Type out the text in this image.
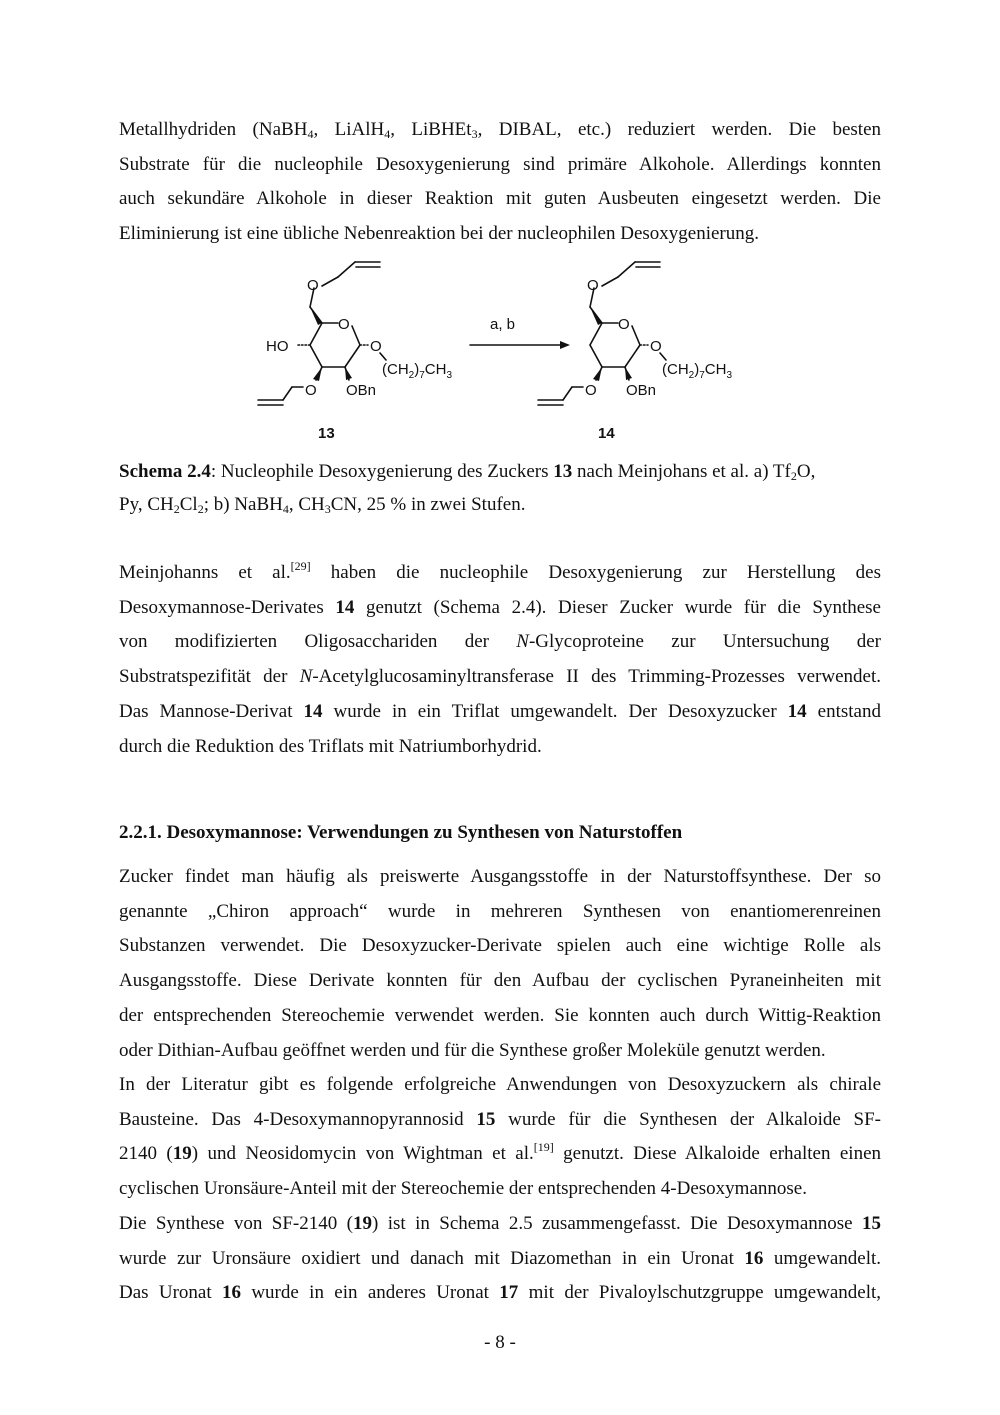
Metallhydriden (NaBH$_4$, LiAlH$_4$, LiBHEt$_3$, DIBAL, etc.) reduziert werden. Die besten
Substrate für die nucleophile Desoxygenierung sind primäre Alkohole. Allerdings konnten
auch sekundäre Alkohole in dieser Reaktion mit guten Ausbeuten eingesetzt werden. Die
Eliminierung ist eine übliche Nebenreaktion bei der nucleophilen Desoxygenierung.
O
O
HO	O
$(CH_2)_7CH_3$
O OBn
13
a, b
O
O
O
$(CH_2)_7CH_3$
O OBn
14
Schema 2.4: Nucleophile Desoxygenierung des Zuckers 13 nach Meinjohans et al. a) $Tf_2O$,
Py, $CH_2Cl_2$; b) NaBH$_4$, $CH_3CN$, 25 % in zwei Stufen.
Meinjohanns et al.[29] haben die nucleophile Desoxygenierung zur Herstellung des
Desoxymannose-Derivates 14 genutzt (Schema 2.4). Dieser Zucker wurde für die Synthese
von modifizierten Oligosacchariden der N-Glycoproteine zur Untersuchung der
Substratspezifität der N-Acetylglucosaminyltransferase II des Trimming-Prozesses verwendet.
Das Mannose-Derivat 14 wurde in ein Triflat umgewandelt. Der Desoxyzucker 14 entstand
durch die Reduktion des Triflats mit Natriumborhydrid.
2.2.1. Desoxymannose: Verwendungen zu Synthesen von Naturstoffen
Zucker findet man häufig als preiswerte Ausgangsstoffe in der Naturstoffsynthese. Der so
genannte „Chiron approach“ wurde in mehreren Synthesen von enantiomerenreinen
Substanzen verwendet. Die Desoxyzucker-Derivate spielen auch eine wichtige Rolle als
Ausgangsstoffe. Diese Derivate konnten für den Aufbau der cyclischen Pyraneinheiten mit
der entsprechenden Stereochemie verwendet werden. Sie konnten auch durch Wittig-Reaktion
oder Dithian-Aufbau geöffnet werden und für die Synthese großer Moleküle genutzt werden.
In der Literatur gibt es folgende erfolgreiche Anwendungen von Desoxyzuckern als chirale
Bausteine. Das 4-Desoxymannopyrannosid 15 wurde für die Synthesen der Alkaloide SF-
2140 (19) und Neosidomycin von Wightman et al.[19] genutzt. Diese Alkaloide erhalten einen
cyclischen Uronsäure-Anteil mit der Stereochemie der entsprechenden 4-Desoxymannose.
Die Synthese von SF-2140 (19) ist in Schema 2.5 zusammengefasst. Die Desoxymannose 15
wurde zur Uronsäure oxidiert und danach mit Diazomethan in ein Uronat 16 umgewandelt.
Das Uronat 16 wurde in ein anderes Uronat 17 mit der Pivaloylschutzgruppe umgewandelt,
- 8 -
